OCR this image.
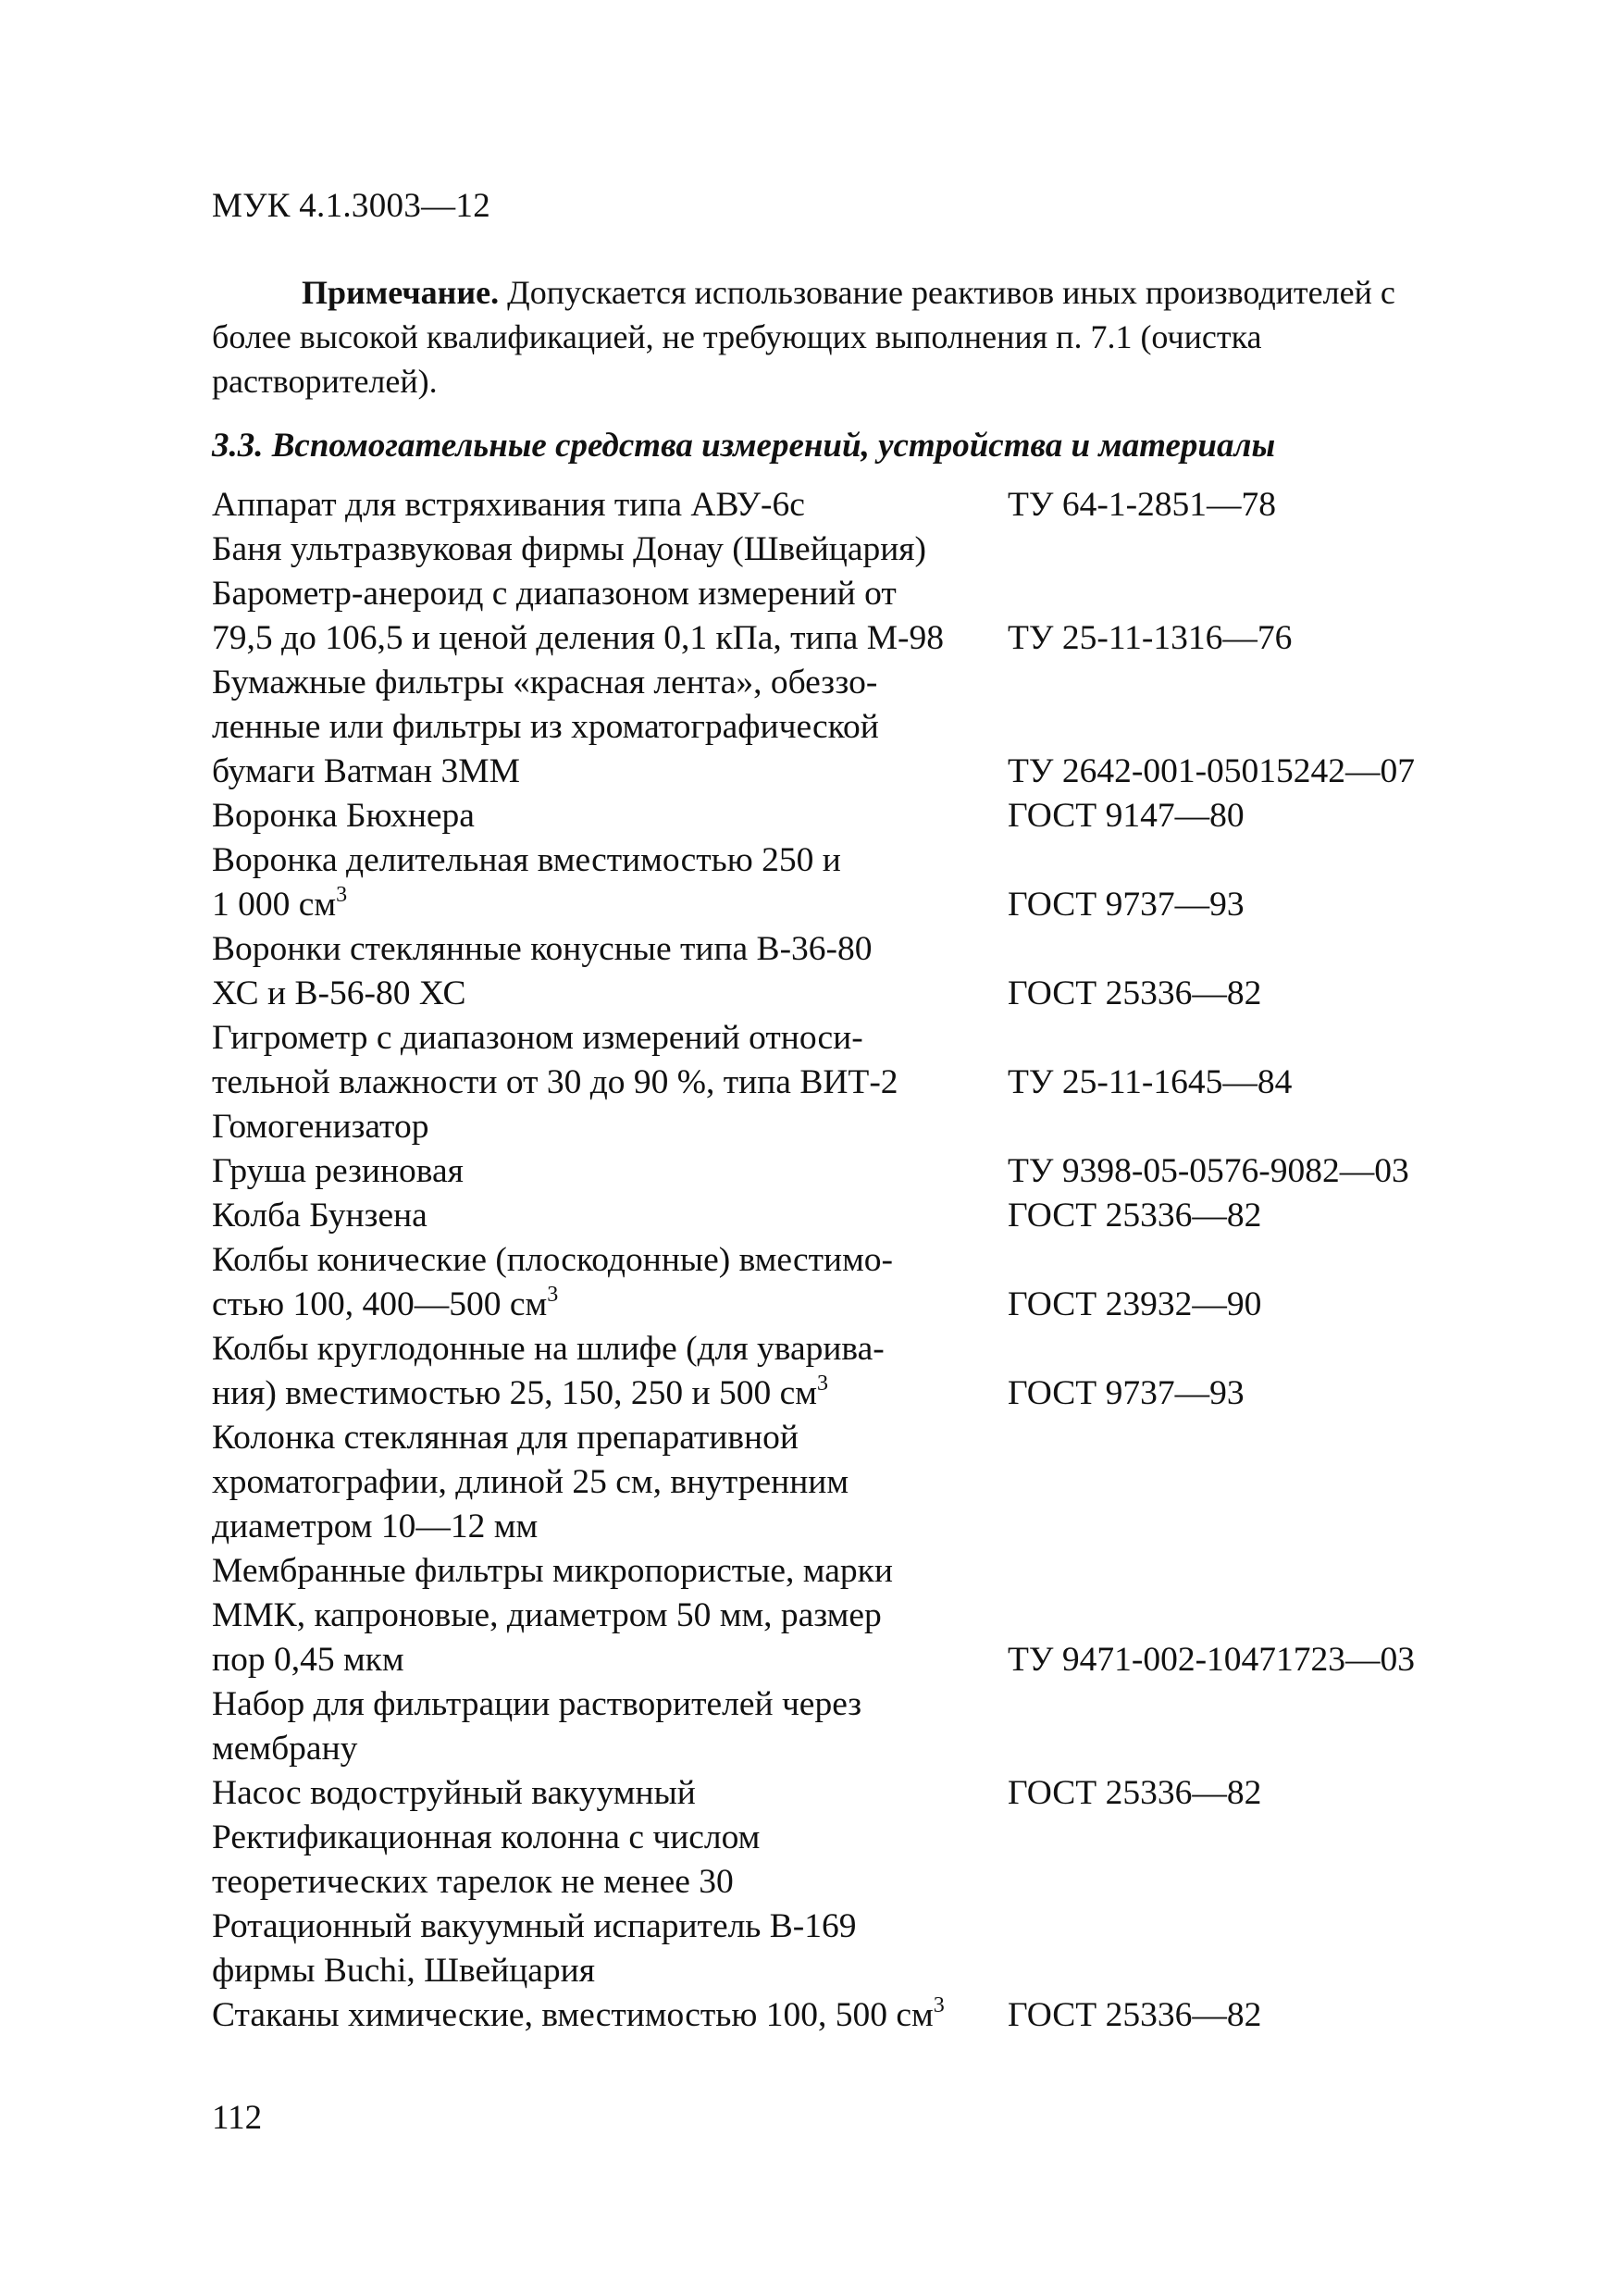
МУК 4.1.3003—12
Примечание. Допускается использование реактивов иных производителей с более высокой квалификацией, не требующих выполнения п. 7.1 (очистка растворителей).
3.3. Вспомогательные средства измерений, устройства и материалы
Аппарат для встряхивания типа АВУ-6с	ТУ 64-1-2851—78
Баня ультразвуковая фирмы Донау (Швейцария)
Барометр-анероид с диапазоном измерений от
79,5 до 106,5 и ценой деления 0,1 кПа, типа М-98	ТУ 25-11-1316—76
Бумажные фильтры «красная лента», обеззо-
ленные или фильтры из хроматографической
бумаги Ватман 3ММ	ТУ 2642-001-05015242—07
Воронка Бюхнера	ГОСТ 9147—80
Воронка делительная вместимостью 250 и
1 000 $см^3$	ГОСТ 9737—93
Воронки стеклянные конусные типа В-36-80
ХС и В-56-80 ХС	ГОСТ 25336—82
Гигрометр с диапазоном измерений относи-
тельной влажности от 30 до 90 %, типа ВИТ-2	ТУ 25-11-1645—84
Гомогенизатор
Груша резиновая	ТУ 9398-05-0576-9082—03
Колба Бунзена	ГОСТ 25336—82
Колбы конические (плоскодонные) вместимо-
стью 100, 400—500 $см^3$	ГОСТ 23932—90
Колбы круглодонные на шлифе (для уварива-
ния) вместимостью 25, 150, 250 и 500 $см^3$	ГОСТ 9737—93
Колонка стеклянная для препаративной
хроматографии, длиной 25 см, внутренним
диаметром 10—12 мм
Мембранные фильтры микропористые, марки
ММК, капроновые, диаметром 50 мм, размер
пор 0,45 мкм	ТУ 9471-002-10471723—03
Набор для фильтрации растворителей через
мембрану
Насос водоструйный вакуумный	ГОСТ 25336—82
Ректификационная колонна с числом
теоретических тарелок не менее 30
Ротационный вакуумный испаритель В-169
фирмы Buchi, Швейцария
Стаканы химические, вместимостью 100, 500 $см^3$	ГОСТ 25336—82
112
